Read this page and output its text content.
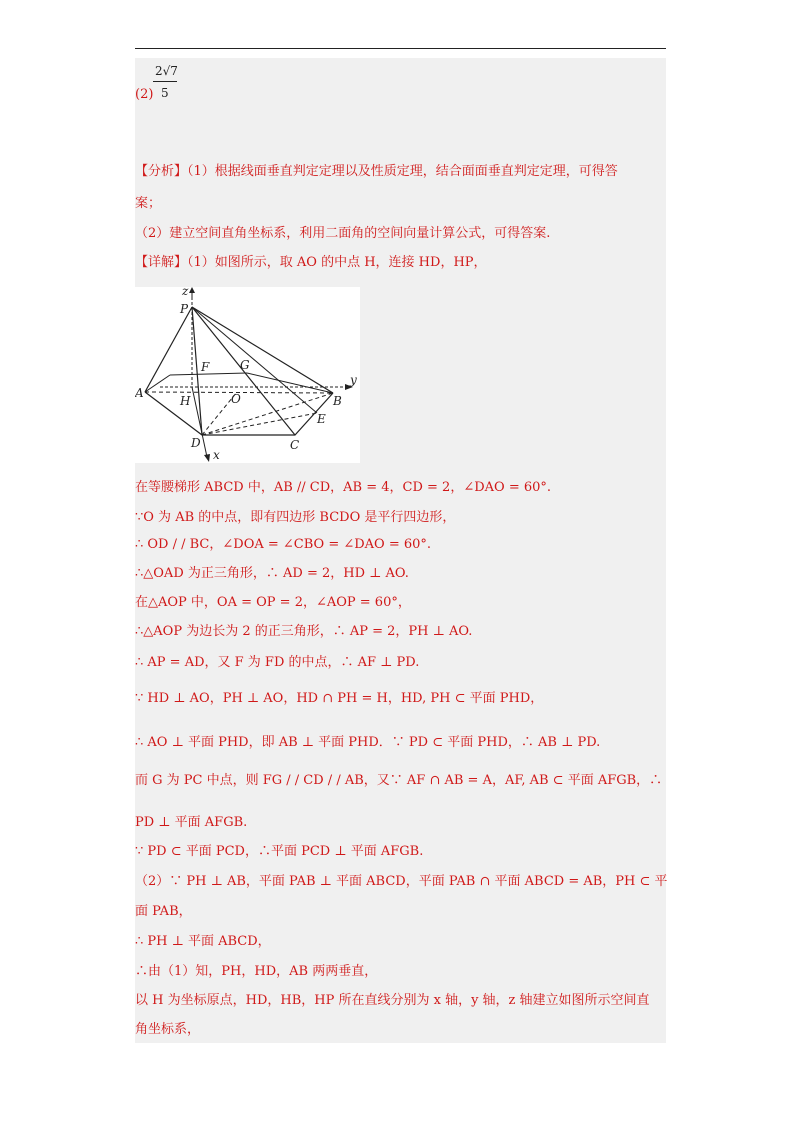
(2)
2√7
5
【分析】（1）根据线面垂直判定定理以及性质定理，结合面面垂直判定定理，可得答
案；
（2）建立空间直角坐标系，利用二面角的空间向量计算公式，可得答案.
【详解】（1）如图所示，取 AO 的中点 H，连接 HD，HP，
z
P
A
F	G
H	O
y
B
E
D	C
x
在等腰梯形 ABCD 中，AB // CD，AB = 4，CD = 2，∠DAO = 60°.
∵O 为 AB 的中点，即有四边形 BCDO 是平行四边形，
∴ OD / / BC，∠DOA = ∠CBO = ∠DAO = 60°.
∴△OAD 为正三角形，∴ AD = 2，HD ⊥ AO.
在△AOP 中，OA = OP = 2，∠AOP = 60°，
∴△AOP 为边长为 2 的正三角形，∴ AP = 2，PH ⊥ AO.
∴ AP = AD，又 F 为 FD 的中点，∴ AF ⊥ PD.
∵ HD ⊥ AO，PH ⊥ AO，HD ∩ PH = H，HD, PH ⊂ 平面 PHD，
∴ AO ⊥ 平面 PHD，即 AB ⊥ 平面 PHD．∵ PD ⊂ 平面 PHD，∴ AB ⊥ PD.
而 G 为 PC 中点，则 FG / / CD / / AB，又∵ AF ∩ AB = A，AF, AB ⊂ 平面 AFGB，∴
PD ⊥ 平面 AFGB.
∵ PD ⊂ 平面 PCD，∴平面 PCD ⊥ 平面 AFGB.
（2）∵ PH ⊥ AB，平面 PAB ⊥ 平面 ABCD，平面 PAB ∩ 平面 ABCD = AB，PH ⊂ 平
面 PAB，
∴ PH ⊥ 平面 ABCD，
∴由（1）知，PH，HD，AB 两两垂直，
以 H 为坐标原点，HD，HB，HP 所在直线分别为 x 轴，y 轴，z 轴建立如图所示空间直
角坐标系，
